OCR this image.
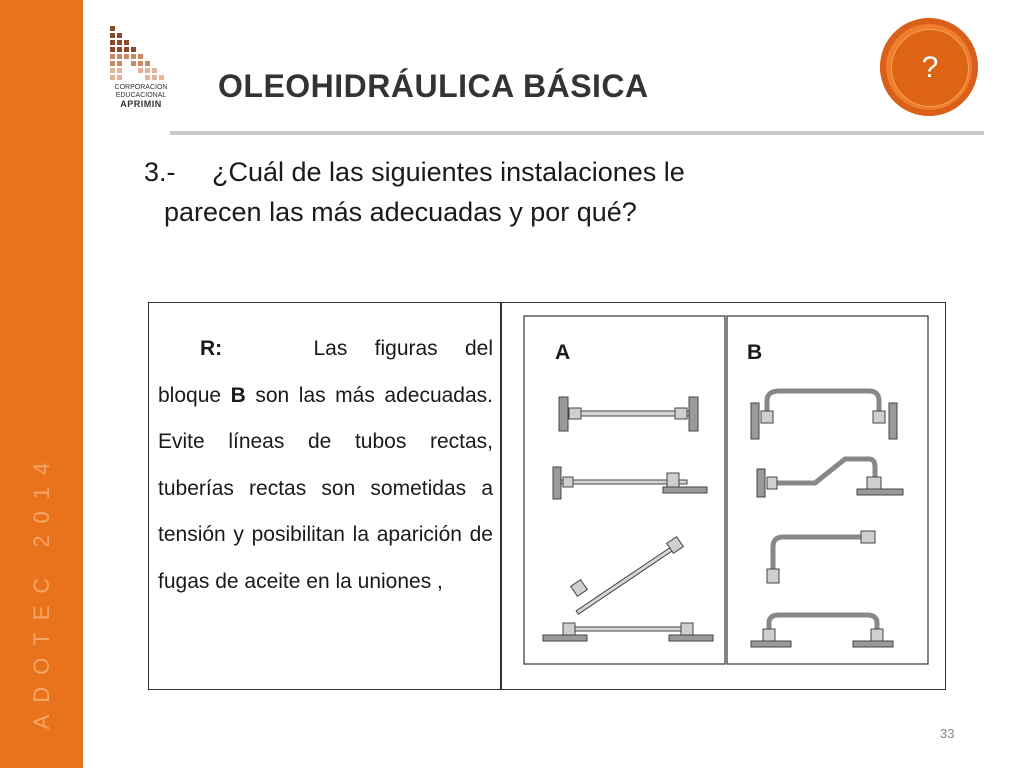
ADOTEC 2014
CORPORACION
EDUCACIONAL
APRIMIN	OLEOHIDRÁULICA BÁSICA
?
3.- ¿Cuál de las siguientes instalaciones le
parecen las más adecuadas y por qué?
R:	Las figuras del bloque B son las más adecuadas. Evite líneas de tubos rectas, tuberías rectas son sometidas a tensión y posibilitan la aparición de fugas de aceite en la uniones ,
A	B
33
